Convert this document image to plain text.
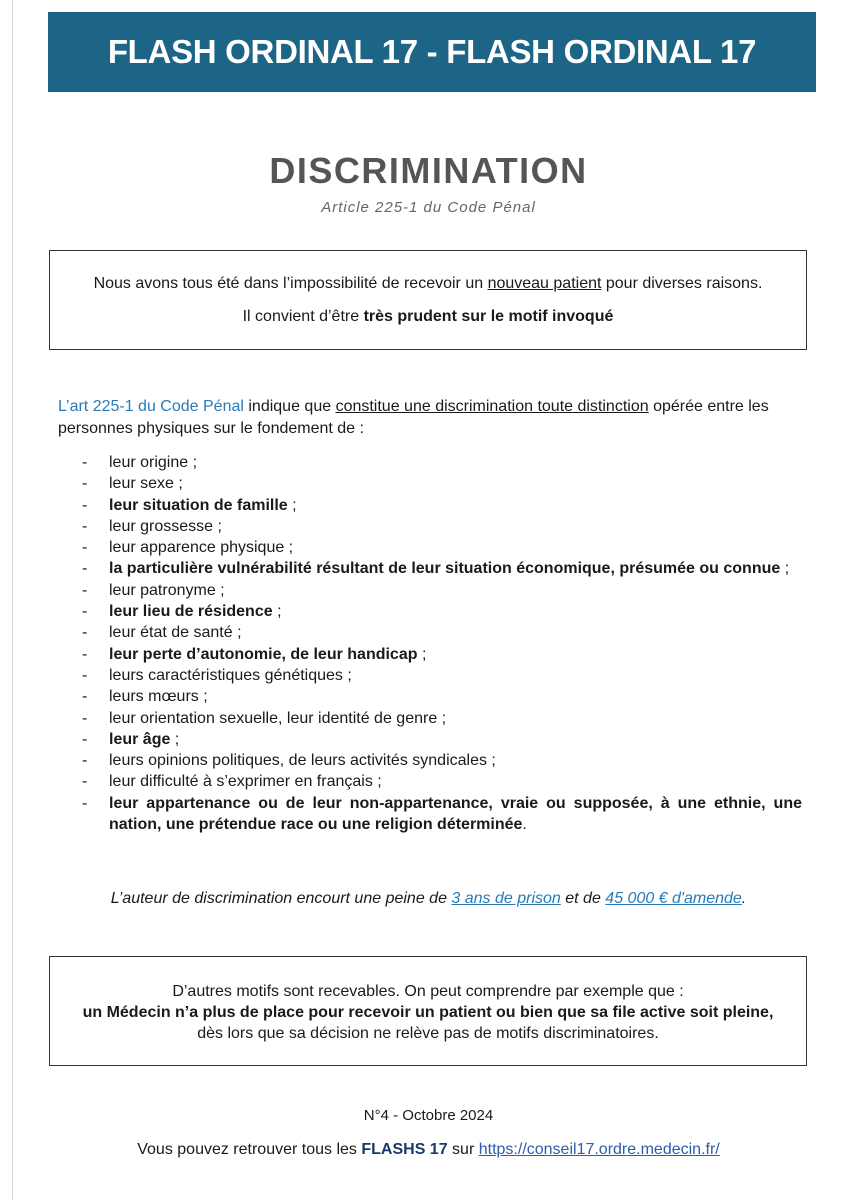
FLASH ORDINAL 17 - FLASH ORDINAL 17
DISCRIMINATION
Article 225-1 du Code Pénal
Nous avons tous été dans l’impossibilité de recevoir un nouveau patient pour diverses raisons.
Il convient d’être très prudent sur le motif invoqué
L’art 225-1 du Code Pénal indique que constitue une discrimination toute distinction opérée entre les personnes physiques sur le fondement de :
- leur origine ;
- leur sexe ;
- leur situation de famille ;
- leur grossesse ;
- leur apparence physique ;
- la particulière vulnérabilité résultant de leur situation économique, présumée ou connue ;
- leur patronyme ;
- leur lieu de résidence ;
- leur état de santé ;
- leur perte d’autonomie, de leur handicap ;
- leurs caractéristiques génétiques ;
- leurs mœurs ;
- leur orientation sexuelle, leur identité de genre ;
- leur âge ;
- leurs opinions politiques, de leurs activités syndicales ;
- leur difficulté à s’exprimer en français ;
- leur appartenance ou de leur non-appartenance, vraie ou supposée, à une ethnie, une nation, une prétendue race ou une religion déterminée.
L’auteur de discrimination encourt une peine de 3 ans de prison et de 45 000 € d'amende.
D’autres motifs sont recevables. On peut comprendre par exemple que :
un Médecin n’a plus de place pour recevoir un patient ou bien que sa file active soit pleine, dès lors que sa décision ne relève pas de motifs discriminatoires.
N°4 - Octobre 2024
Vous pouvez retrouver tous les FLASHS 17 sur https://conseil17.ordre.medecin.fr/
